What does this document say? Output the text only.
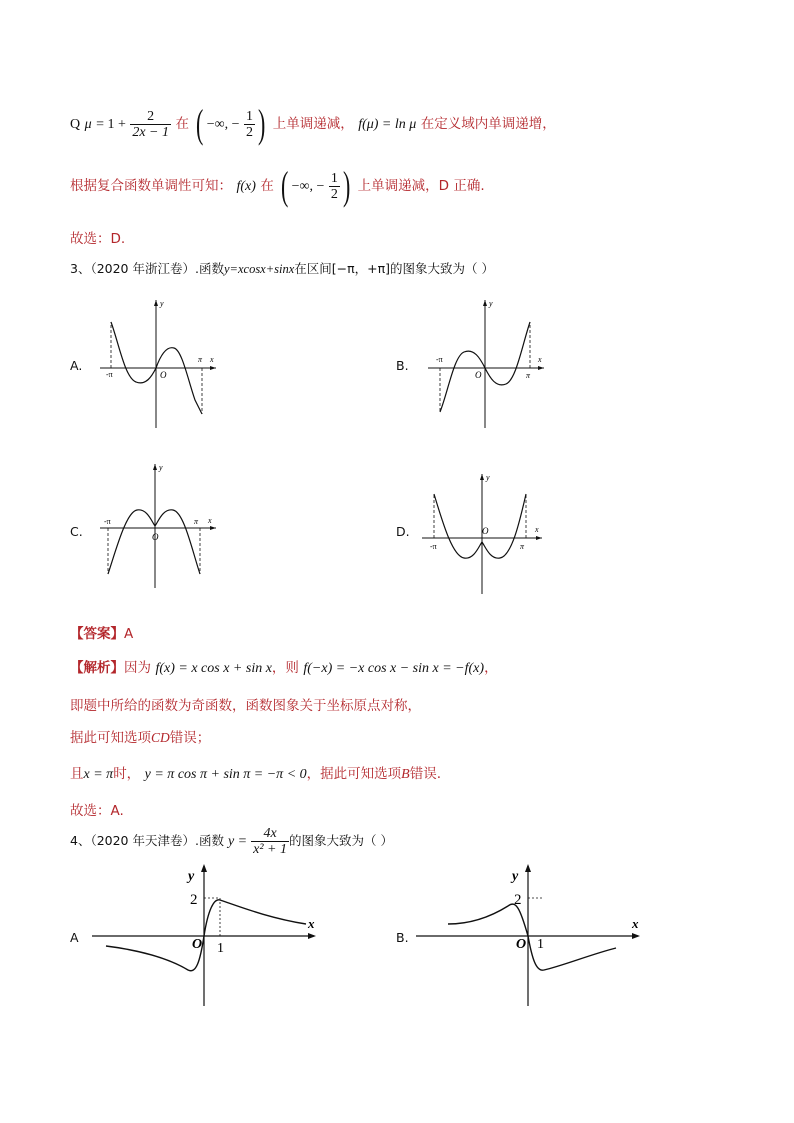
Q $\mu = 1 + \frac{2}{2x - 1}$ 在 ( −∞, − $\frac{1}{2}$ ) 上单调递减， f(μ) = ln μ 在定义域内单调递增，
根据复合函数单调性可知： f(x) 在 ( −∞, − $\frac{1}{2}$ ) 上单调递减，D 正确.
故选：D.
3、（2020 年浙江卷）.函数y=xcosx+sinx在区间[−π，+π]的图象大致为（ ）
A.	B.
C.	D.
-π
π x
y
O
-π
π
x
y
O
-π	π x
y
O
-π	π
x
y
O
【答案】A
【解析】因为 f(x) = x cos x + sin x，则 f(−x) = −x cos x − sin x = −f(x)，
即题中所给的函数为奇函数，函数图象关于坐标原点对称，
据此可知选项CD错误；
且x = π时， y = π cos π + sin π = −π < 0，据此可知选项B错误.
故选：A.
4、（2020 年天津卷）.函数 $y = \frac{4x}{\text{x² + 1}}$ 的图象大致为（ ）
A	B.
2
y
x
O 1
2
y
x
O 1
